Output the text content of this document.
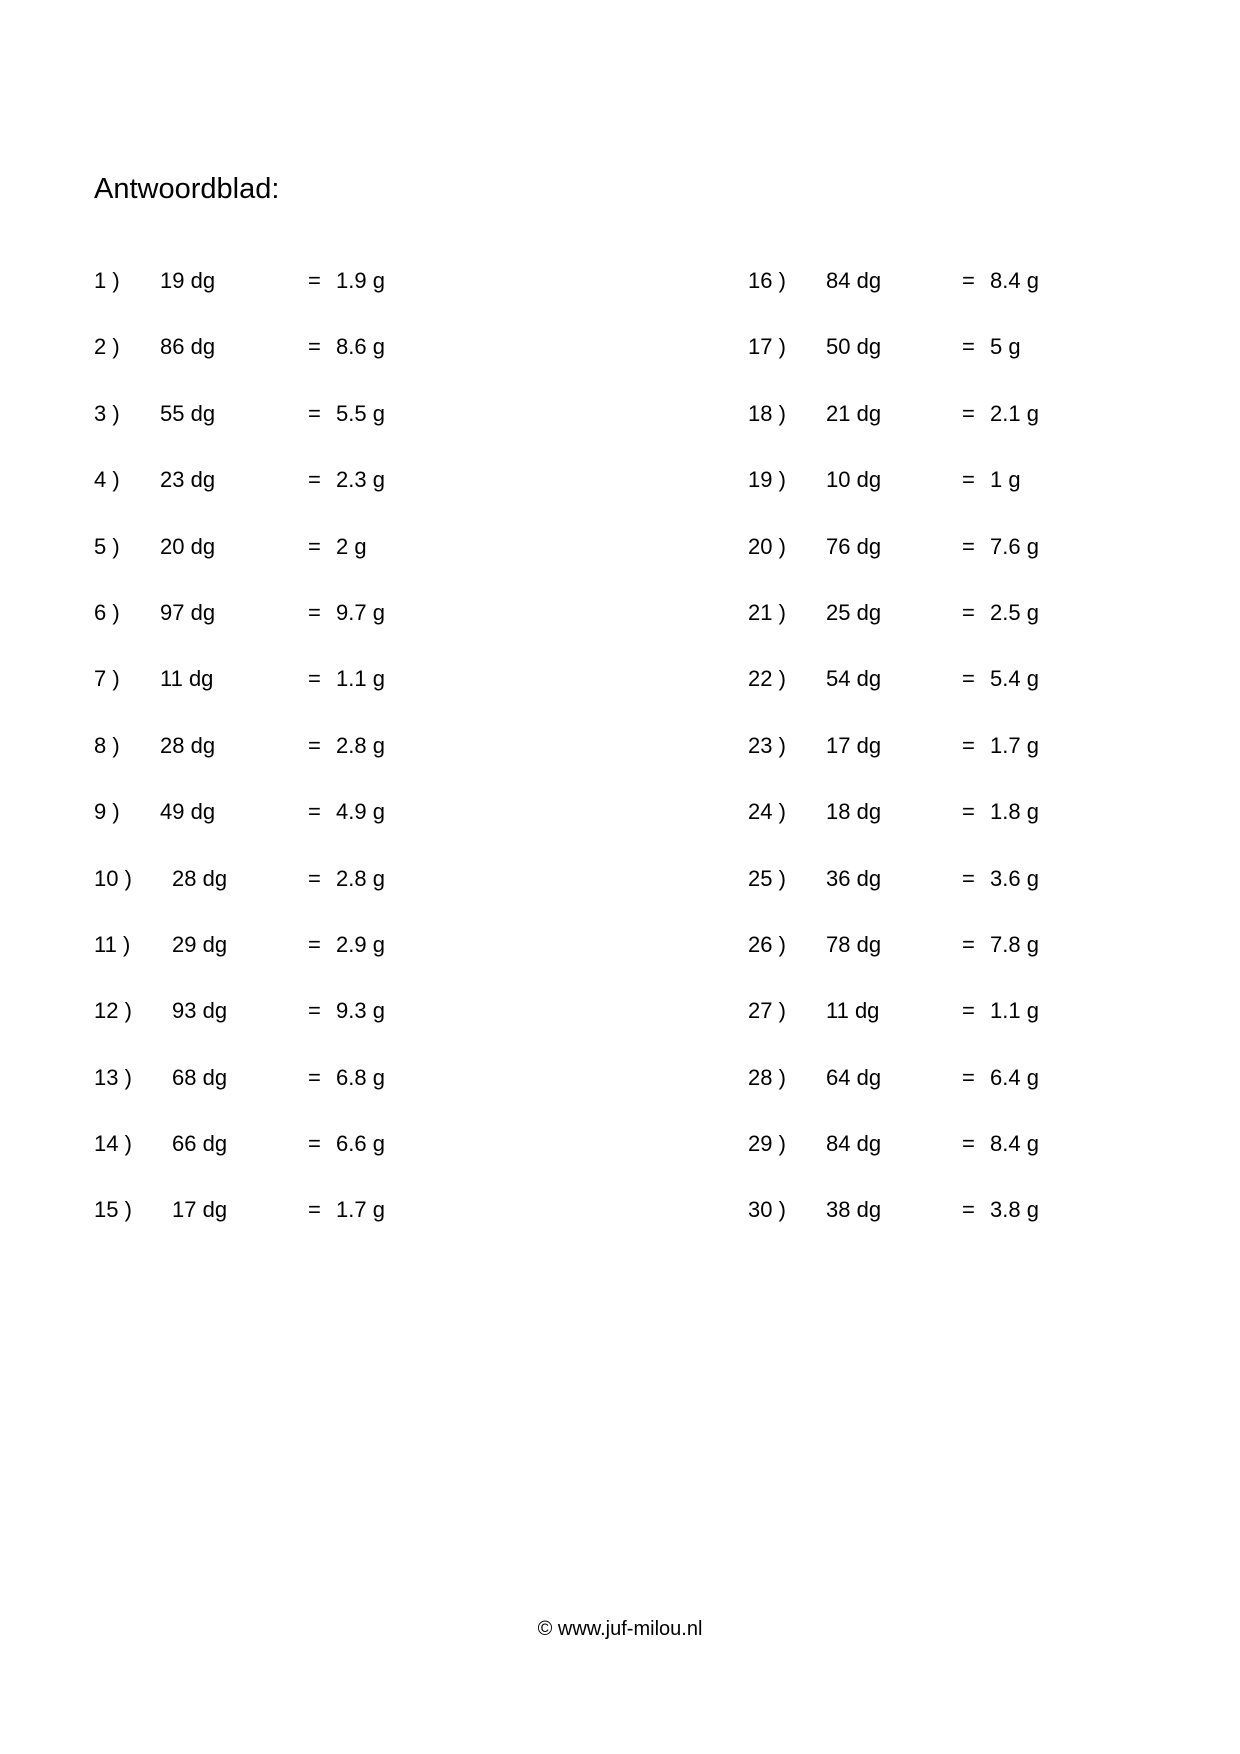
Antwoordblad:
1 ) 19 dg	= 1.9 g
2 ) 86 dg	= 8.6 g
3 ) 55 dg	= 5.5 g
4 ) 23 dg	= 2.3 g
5 ) 20 dg	= 2 g
6 ) 97 dg	= 9.7 g
7 ) 11 dg	= 1.1 g
8 ) 28 dg	= 2.8 g
9 ) 49 dg	= 4.9 g
10 ) 28 dg	= 2.8 g
11 ) 29 dg	= 2.9 g
12 ) 93 dg	= 9.3 g
13 ) 68 dg	= 6.8 g
14 ) 66 dg	= 6.6 g
15 ) 17 dg	= 1.7 g
16 ) 84 dg	= 8.4 g
17 ) 50 dg	= 5 g
18 ) 21 dg	= 2.1 g
19 ) 10 dg	= 1 g
20 ) 76 dg	= 7.6 g
21 ) 25 dg	= 2.5 g
22 ) 54 dg	= 5.4 g
23 ) 17 dg	= 1.7 g
24 ) 18 dg	= 1.8 g
25 ) 36 dg	= 3.6 g
26 ) 78 dg	= 7.8 g
27 ) 11 dg	= 1.1 g
28 ) 64 dg	= 6.4 g
29 ) 84 dg	= 8.4 g
30 ) 38 dg	= 3.8 g
© www.juf-milou.nl
